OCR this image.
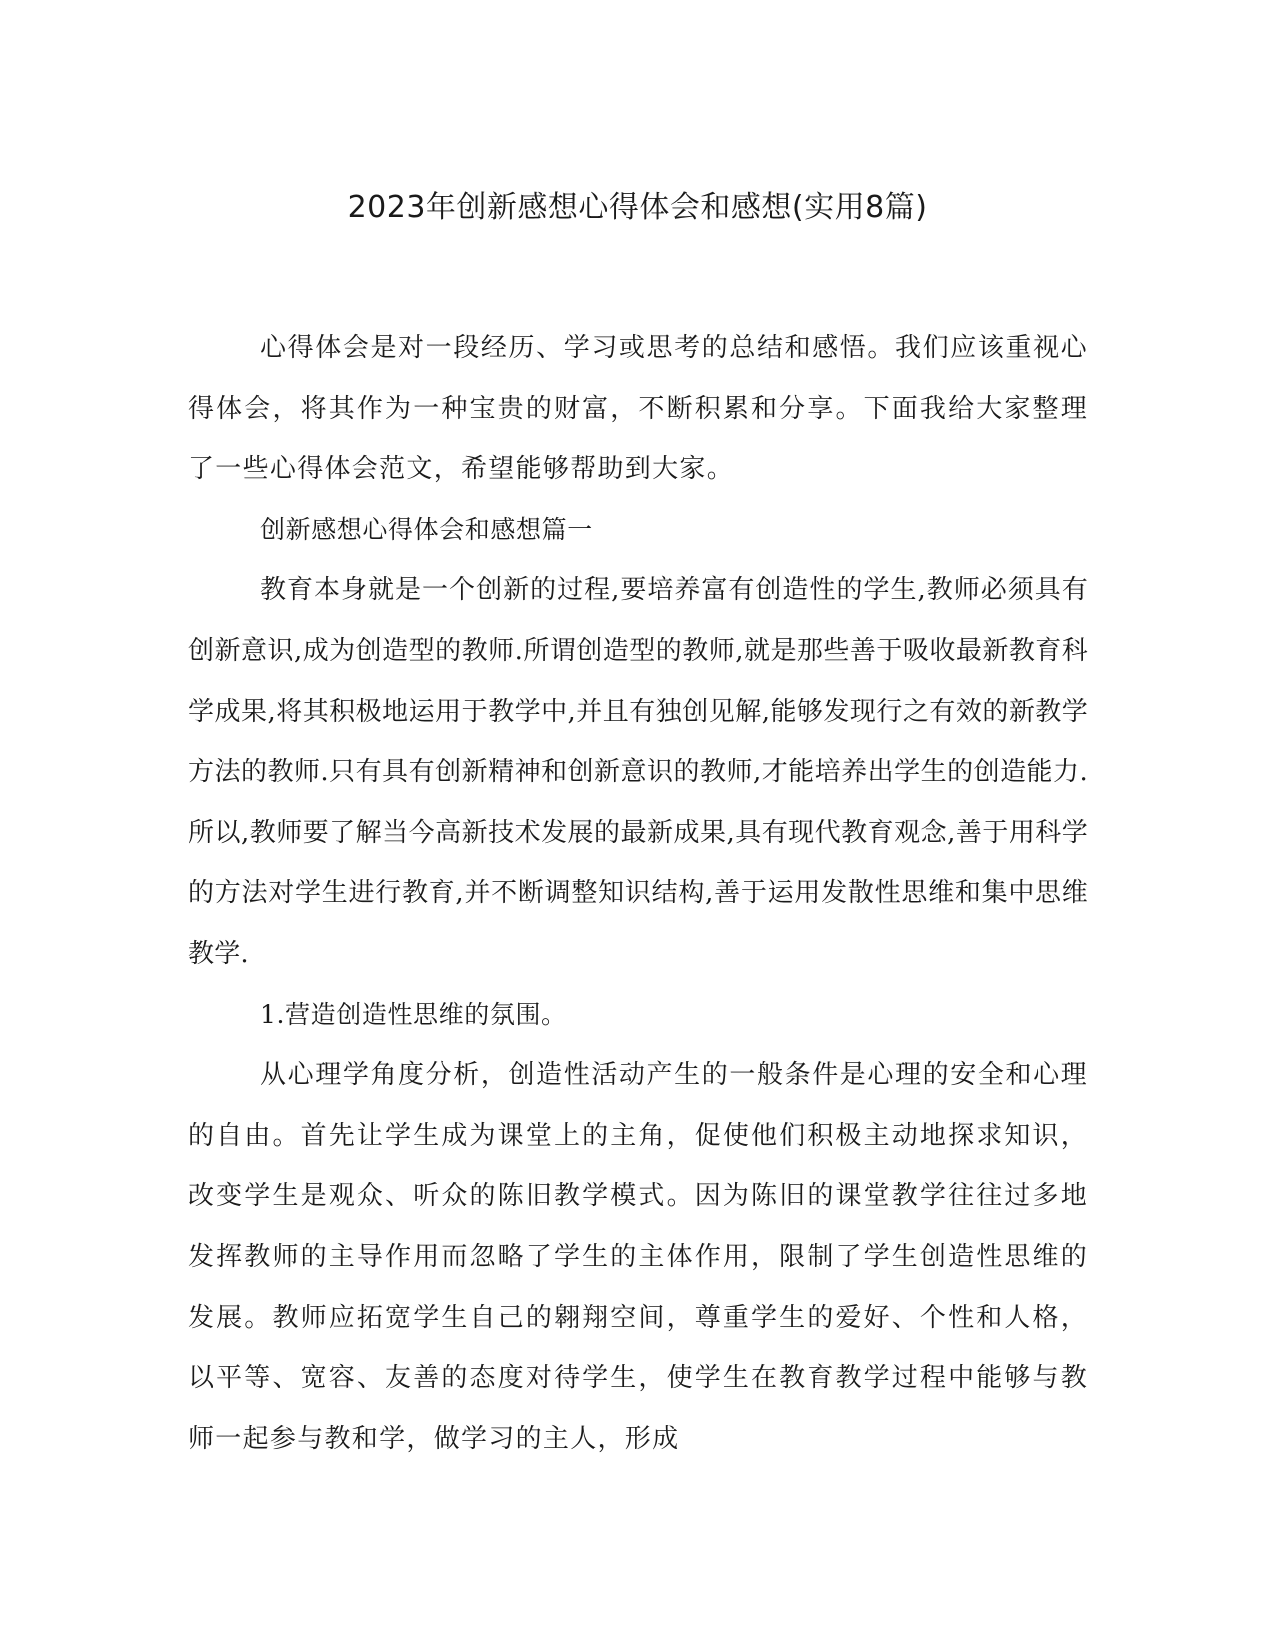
2023年创新感想心得体会和感想(实用8篇)

心得体会是对一段经历、学习或思考的总结和感悟。我们应该重视心得体会，将其作为一种宝贵的财富，不断积累和分享。下面我给大家整理了一些心得体会范文，希望能够帮助到大家。

创新感想心得体会和感想篇一

教育本身就是一个创新的过程,要培养富有创造性的学生,教师必须具有创新意识,成为创造型的教师.所谓创造型的教师,就是那些善于吸收最新教育科学成果,将其积极地运用于教学中,并且有独创见解,能够发现行之有效的新教学方法的教师.只有具有创新精神和创新意识的教师,才能培养出学生的创造能力.所以,教师要了解当今高新技术发展的最新成果,具有现代教育观念,善于用科学的方法对学生进行教育,并不断调整知识结构,善于运用发散性思维和集中思维教学.

1.营造创造性思维的氛围。

从心理学角度分析，创造性活动产生的一般条件是心理的安全和心理的自由。首先让学生成为课堂上的主角，促使他们积极主动地探求知识，改变学生是观众、听众的陈旧教学模式。因为陈旧的课堂教学往往过多地发挥教师的主导作用而忽略了学生的主体作用，限制了学生创造性思维的发展。教师应拓宽学生自己的翱翔空间，尊重学生的爱好、个性和人格，以平等、宽容、友善的态度对待学生，使学生在教育教学过程中能够与教师一起参与教和学，做学习的主人，形成
